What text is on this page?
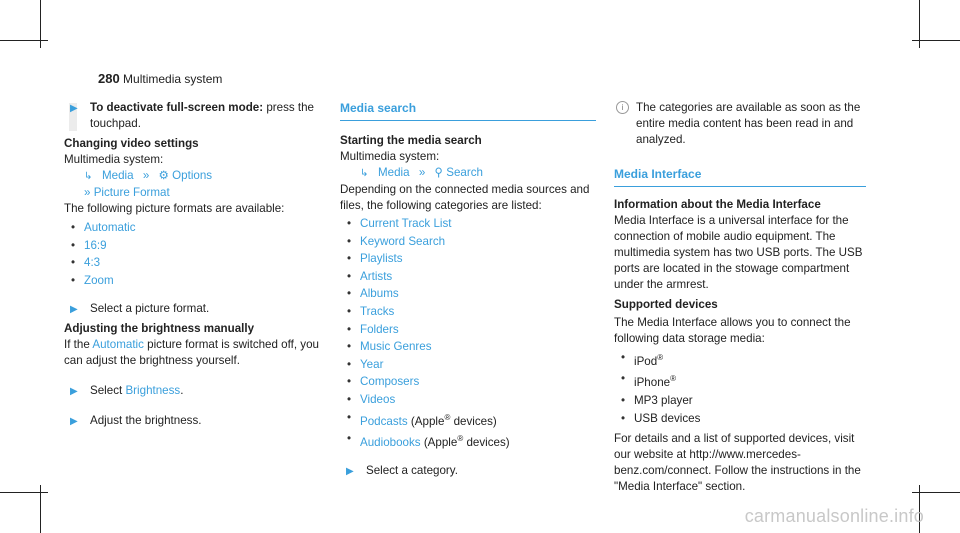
280 Multimedia system
▶ To deactivate full-screen mode: press the touchpad.
Changing video settings
Multimedia system:
↳ Media » ⚙ Options
» Picture Format
The following picture formats are available:
• Automatic
• 16:9
• 4:3
• Zoom
▶ Select a picture format.
Adjusting the brightness manually
If the Automatic picture format is switched off, you can adjust the brightness yourself.
▶ Select Brightness.
▶ Adjust the brightness.
Media search
Starting the media search
Multimedia system:
↳ Media » ⚲ Search
Depending on the connected media sources and files, the following categories are listed:
• Current Track List
• Keyword Search
• Playlists
• Artists
• Albums
• Tracks
• Folders
• Music Genres
• Year
• Composers
• Videos
• Podcasts (Apple® devices)
• Audiobooks (Apple® devices)
▶ Select a category.
i	The categories are available as soon as the entire media content has been read in and analyzed.
Media Interface
Information about the Media Interface
Media Interface is a universal interface for the connection of mobile audio equipment. The multimedia system has two USB ports. The USB ports are located in the stowage compartment under the armrest.
Supported devices
The Media Interface allows you to connect the following data storage media:
• iPod®
• iPhone®
• MP3 player
• USB devices
For details and a list of supported devices, visit our website at http://www.mercedes-benz.com/connect. Follow the instructions in the "Media Interface" section.
carmanualsonline.info
